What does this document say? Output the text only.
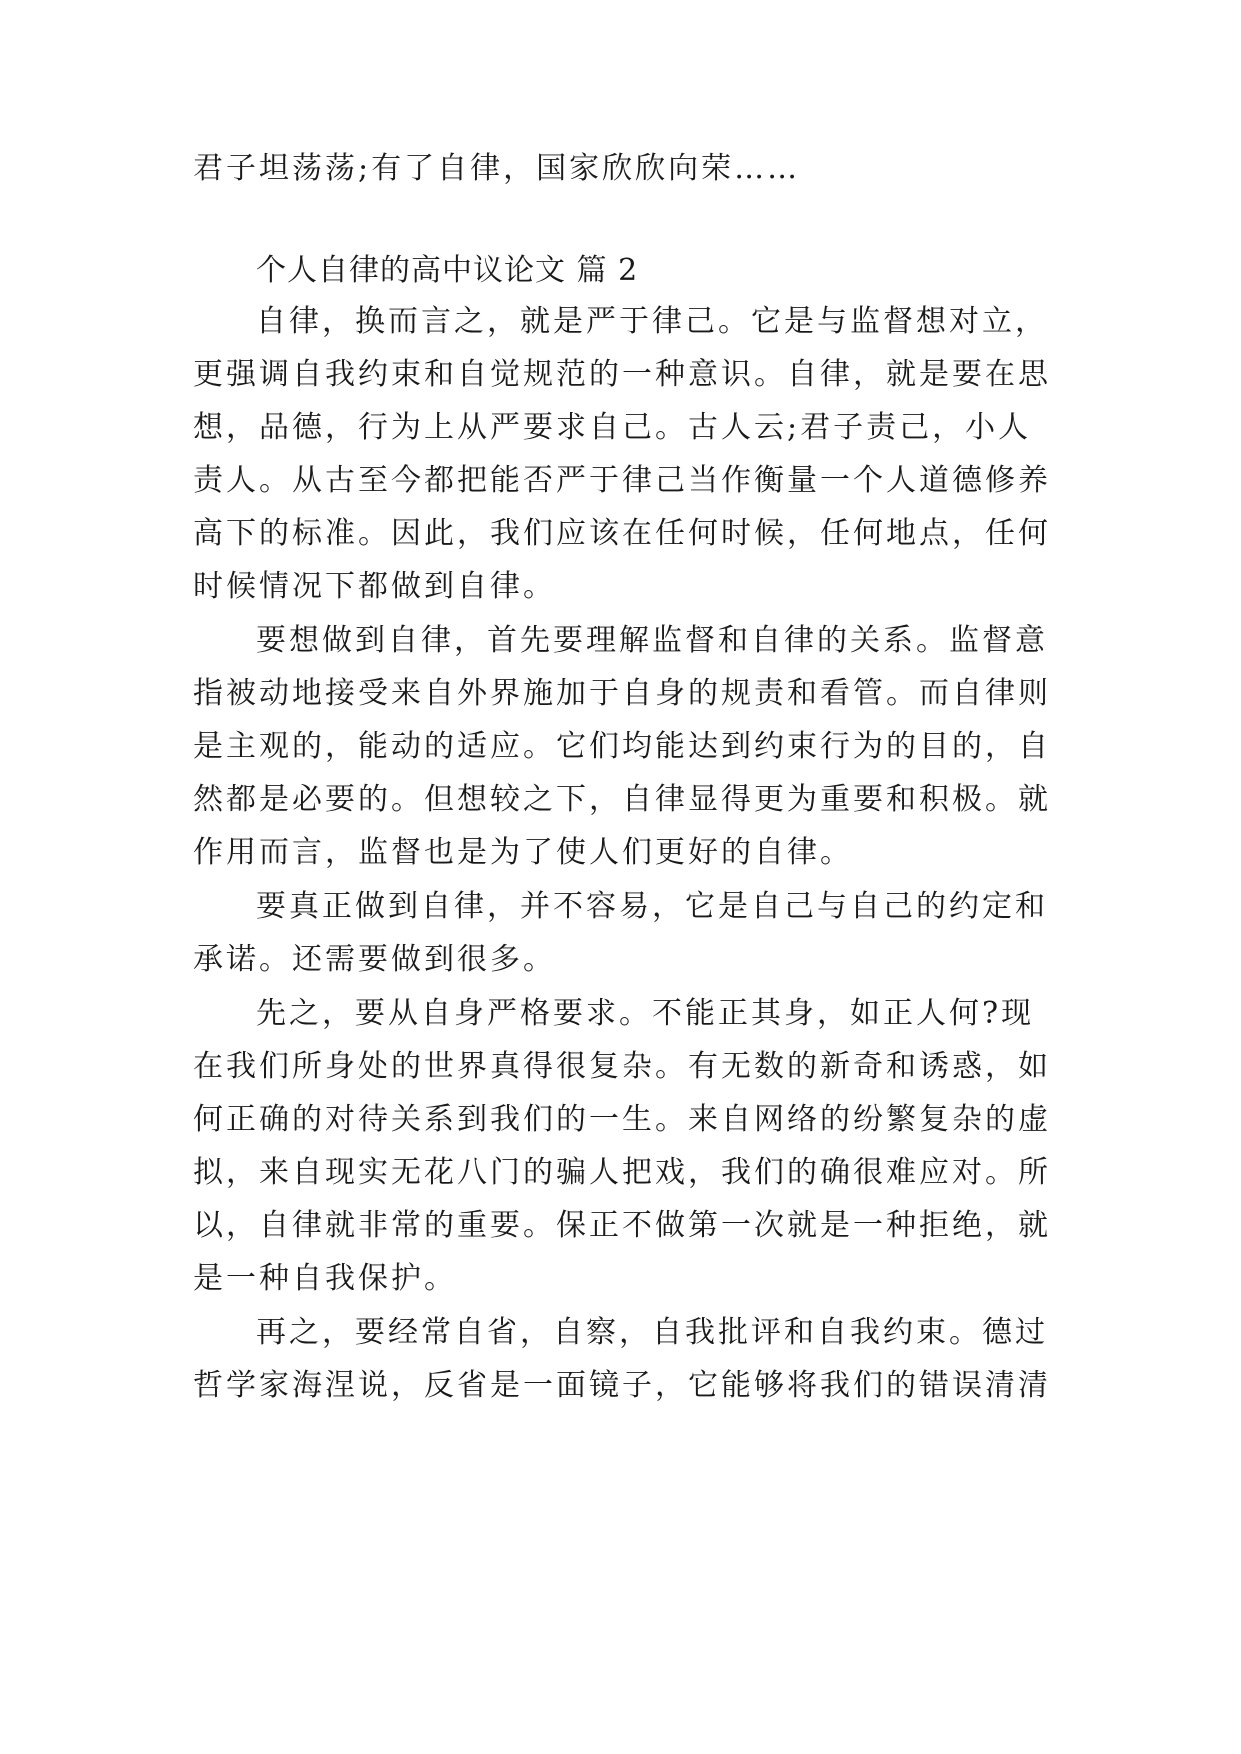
君子坦荡荡;有了自律，国家欣欣向荣……
个人自律的高中议论文 篇 2
自律，换而言之，就是严于律己。它是与监督想对立，
更强调自我约束和自觉规范的一种意识。自律，就是要在思
想，品德，行为上从严要求自己。古人云;君子责己，小人
责人。从古至今都把能否严于律己当作衡量一个人道德修养
高下的标准。因此，我们应该在任何时候，任何地点，任何
时候情况下都做到自律。
要想做到自律，首先要理解监督和自律的关系。监督意
指被动地接受来自外界施加于自身的规责和看管。而自律则
是主观的，能动的适应。它们均能达到约束行为的目的，自
然都是必要的。但想较之下，自律显得更为重要和积极。就
作用而言，监督也是为了使人们更好的自律。
要真正做到自律，并不容易，它是自己与自己的约定和
承诺。还需要做到很多。
先之，要从自身严格要求。不能正其身，如正人何?现
在我们所身处的世界真得很复杂。有无数的新奇和诱惑，如
何正确的对待关系到我们的一生。来自网络的纷繁复杂的虚
拟，来自现实无花八门的骗人把戏，我们的确很难应对。所
以，自律就非常的重要。保正不做第一次就是一种拒绝，就
是一种自我保护。
再之，要经常自省，自察，自我批评和自我约束。德过
哲学家海涅说，反省是一面镜子，它能够将我们的错误清清
